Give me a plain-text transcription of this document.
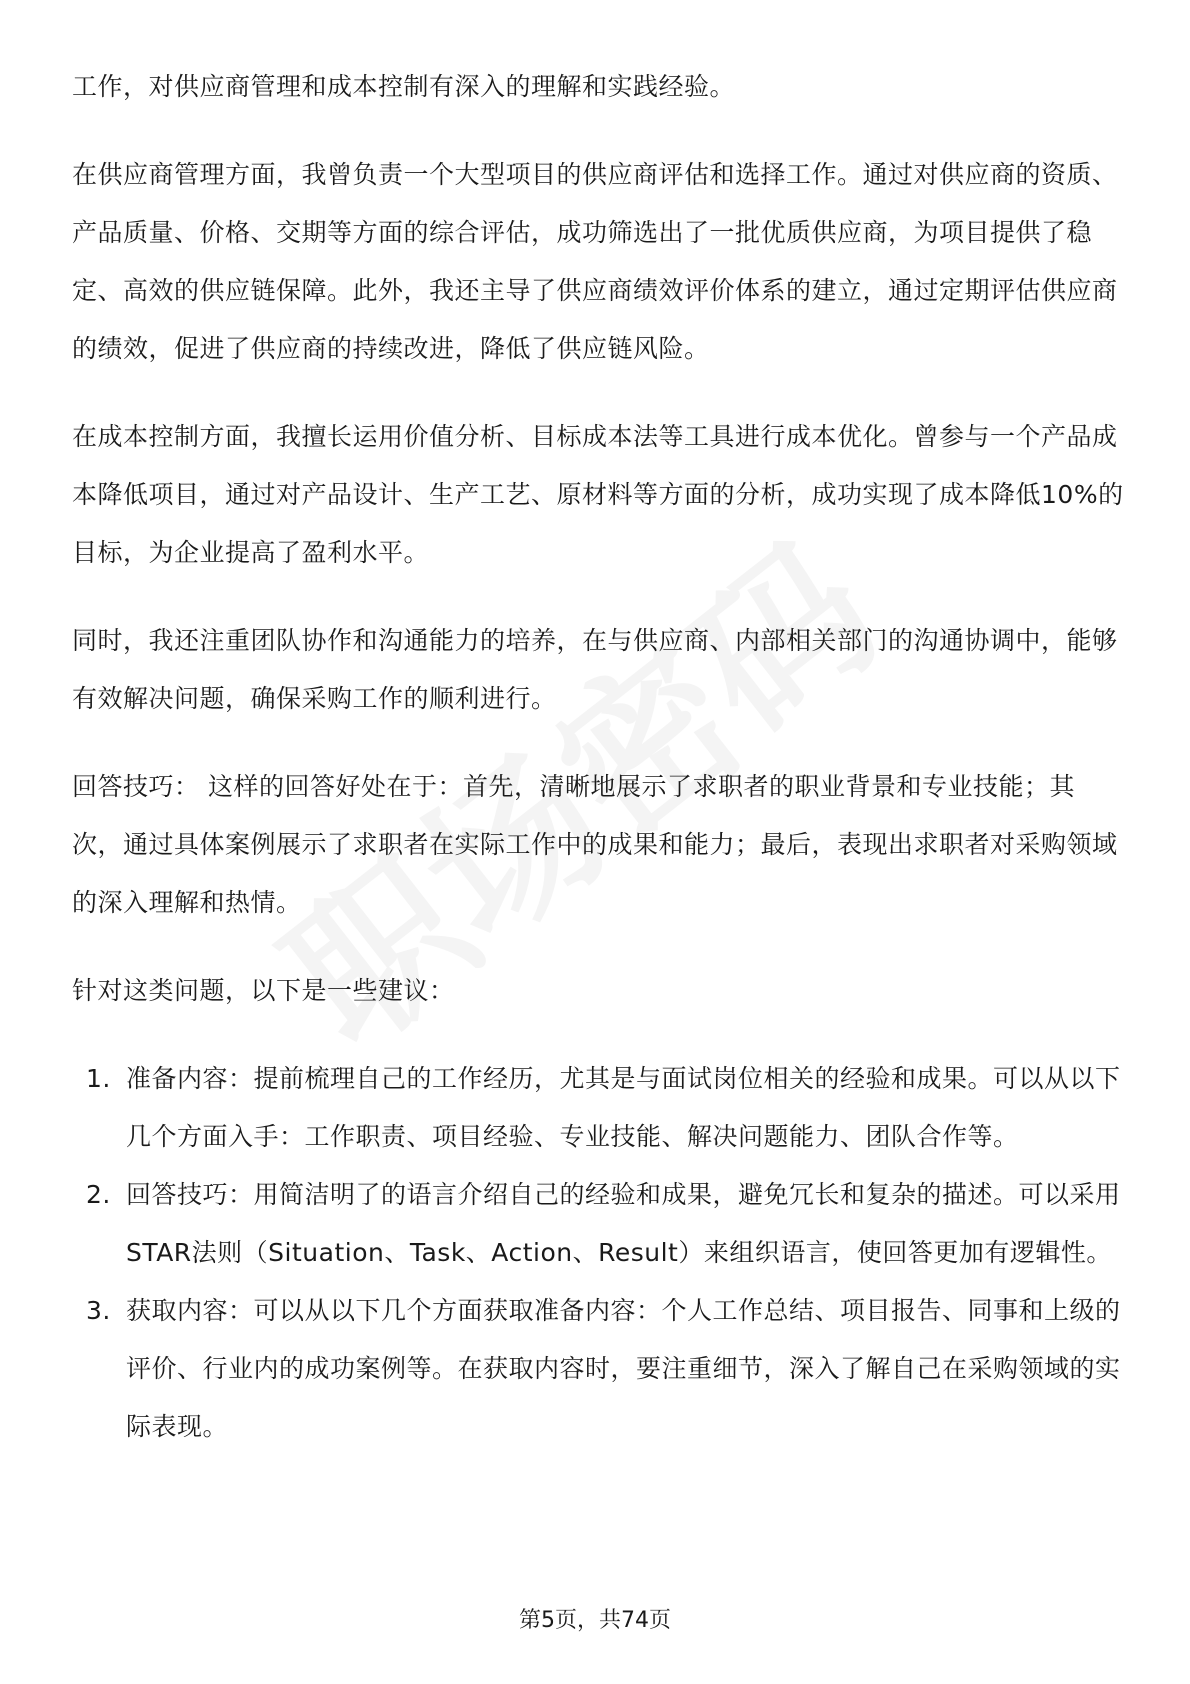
工作，对供应商管理和成本控制有深入的理解和实践经验。

在供应商管理方面，我曾负责一个大型项目的供应商评估和选择工作。通过对供应商的资质、产品质量、价格、交期等方面的综合评估，成功筛选出了一批优质供应商，为项目提供了稳定、高效的供应链保障。此外，我还主导了供应商绩效评价体系的建立，通过定期评估供应商的绩效，促进了供应商的持续改进，降低了供应链风险。

在成本控制方面，我擅长运用价值分析、目标成本法等工具进行成本优化。曾参与一个产品成本降低项目，通过对产品设计、生产工艺、原材料等方面的分析，成功实现了成本降低10%的目标，为企业提高了盈利水平。

同时，我还注重团队协作和沟通能力的培养，在与供应商、内部相关部门的沟通协调中，能够有效解决问题，确保采购工作的顺利进行。

回答技巧： 这样的回答好处在于：首先，清晰地展示了求职者的职业背景和专业技能；其次，通过具体案例展示了求职者在实际工作中的成果和能力；最后，表现出求职者对采购领域的深入理解和热情。

针对这类问题，以下是一些建议：

1. 准备内容：提前梳理自己的工作经历，尤其是与面试岗位相关的经验和成果。可以从以下几个方面入手：工作职责、项目经验、专业技能、解决问题能力、团队合作等。
2. 回答技巧：用简洁明了的语言介绍自己的经验和成果，避免冗长和复杂的描述。可以采用STAR法则（Situation、Task、Action、Result）来组织语言，使回答更加有逻辑性。
3. 获取内容：可以从以下几个方面获取准备内容：个人工作总结、项目报告、同事和上级的评价、行业内的成功案例等。在获取内容时，要注重细节，深入了解自己在采购领域的实际表现。
第5页，共74页
